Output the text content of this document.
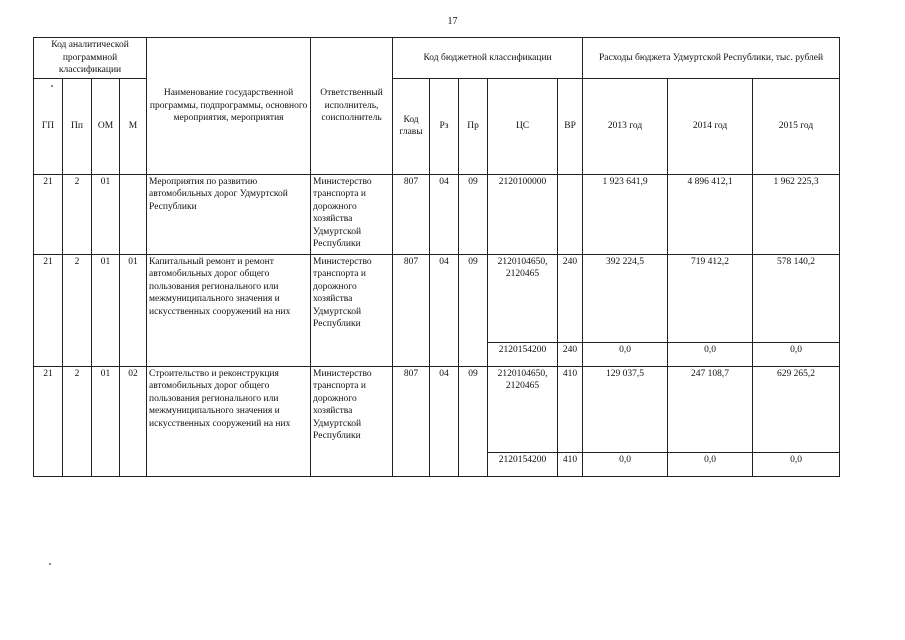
17
Код аналитической программной классификации				Наименование государственной программы, подпрограммы, основного мероприятия, мероприятия	Ответственный исполнитель, соисполнитель	Код бюджетной классификации					Расходы бюджета Удмуртской Республики, тыс. рублей		
ГП	Пп	ОМ	М			Код главы	Рз	Пр	ЦС	ВР	2013 год	2014 год	2015 год
21	2	01		Мероприятия по развитию автомобильных дорог Удмуртской Республики	Министерство транспорта и дорожного хозяйства Удмуртской Республики	807	04	09	2120100000		1 923 641,9	4 896 412,1	1 962 225,3
21	2	01	01	Капитальный ремонт и ремонт автомобильных дорог общего пользования регионального или межмуниципального значения и искусственных сооружений на них	Министерство транспорта и дорожного хозяйства Удмуртской Республики	807	04	09	2120104650, 2120465	240	392 224,5	719 412,2	578 140,2
									2120154200	240	0,0	0,0	0,0
21	2	01	02	Строительство и реконструкция автомобильных дорог общего пользования регионального или межмуниципального значения и искусственных сооружений на них	Министерство транспорта и дорожного хозяйства Удмуртской Республики	807	04	09	2120104650, 2120465	410	129 037,5	247 108,7	629 265,2
									2120154200	410	0,0	0,0	0,0
